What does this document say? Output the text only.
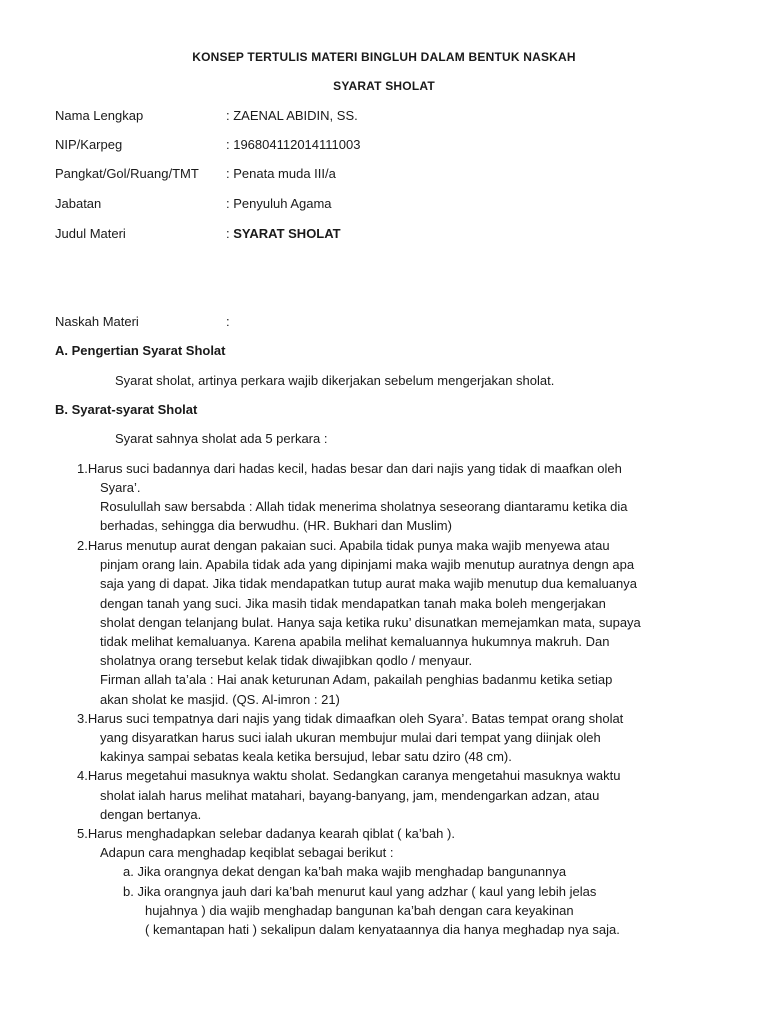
KONSEP TERTULIS MATERI BINGLUH DALAM BENTUK NASKAH
SYARAT SHOLAT
Nama Lengkap	: ZAENAL ABIDIN, SS.
NIP/Karpeg	: 196804112014111003
Pangkat/Gol/Ruang/TMT : Penata muda III/a
Jabatan	: Penyuluh Agama
Judul Materi	: SYARAT SHOLAT
Naskah Materi	:
A. Pengertian Syarat Sholat
Syarat sholat, artinya perkara wajib dikerjakan sebelum mengerjakan sholat.
B. Syarat-syarat Sholat
Syarat sahnya sholat ada 5 perkara :
1.Harus suci badannya dari hadas kecil, hadas besar dan dari najis yang tidak di maafkan oleh
Syara’.
Rosulullah saw bersabda : Allah tidak menerima sholatnya seseorang diantaramu ketika dia
berhadas, sehingga dia berwudhu. (HR. Bukhari dan Muslim)
2.Harus menutup aurat dengan pakaian suci. Apabila tidak punya maka wajib menyewa atau
pinjam orang lain. Apabila tidak ada yang dipinjami maka wajib menutup auratnya dengn apa
saja yang di dapat. Jika tidak mendapatkan tutup aurat maka wajib menutup dua kemaluanya
dengan tanah yang suci. Jika masih tidak mendapatkan tanah maka boleh mengerjakan
sholat dengan telanjang bulat. Hanya saja ketika ruku’ disunatkan memejamkan mata, supaya
tidak melihat kemaluanya. Karena apabila melihat kemaluannya hukumnya makruh. Dan
sholatnya orang tersebut kelak tidak diwajibkan qodlo / menyaur.
Firman allah ta’ala : Hai anak keturunan Adam, pakailah penghias badanmu ketika setiap
akan sholat ke masjid. (QS. Al-imron : 21)
3.Harus suci tempatnya dari najis yang tidak dimaafkan oleh Syara’. Batas tempat orang sholat
yang disyaratkan harus suci ialah ukuran membujur mulai dari tempat yang diinjak oleh
kakinya sampai sebatas keala ketika bersujud, lebar satu dziro (48 cm).
4.Harus megetahui masuknya waktu sholat. Sedangkan caranya mengetahui masuknya waktu
sholat ialah harus melihat matahari, bayang-banyang, jam, mendengarkan adzan, atau
dengan bertanya.
5.Harus menghadapkan selebar dadanya kearah qiblat ( ka’bah ).
Adapun cara menghadap keqiblat sebagai berikut :
a. Jika orangnya dekat dengan ka’bah maka wajib menghadap bangunannya
b. Jika orangnya jauh dari ka’bah menurut kaul yang adzhar ( kaul yang lebih jelas
hujahnya ) dia wajib menghadap bangunan ka’bah dengan cara keyakinan
( kemantapan hati ) sekalipun dalam kenyataannya dia hanya meghadap nya saja.
